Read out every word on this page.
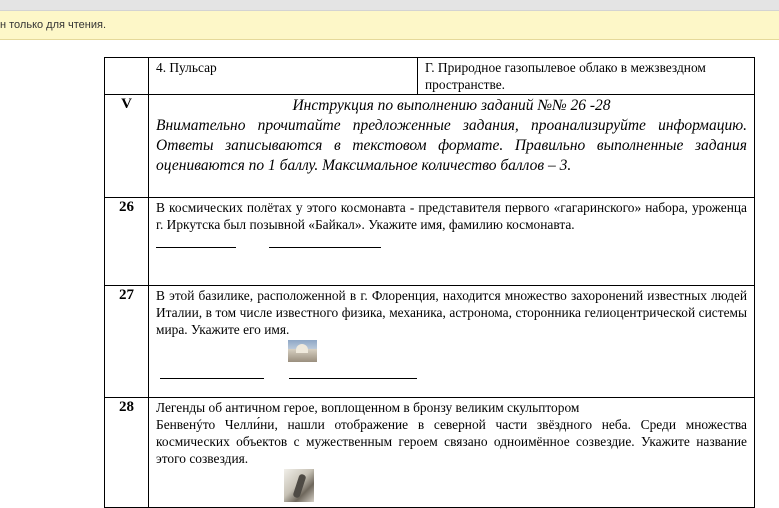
н только для чтения.
	4. Пульсар	Г. Природное газопылевое облако в межзвездном пространстве.
V	Инструкция по выполнению заданий №№ 26 -28
Внимательно прочитайте предложенные задания, проанализируйте информацию. Ответы записываются в текстовом формате. Правильно выполненные задания оцениваются по 1 баллу. Максимальное количество баллов – 3.	

26	В космических полётах у этого космонавта - представителя первого «гагаринского» набора, уроженца г. Иркутска был позывной «Байкал». Укажите имя, фамилию космонавта.	

27	В этой базилике, расположенной в г. Флоренция, находится множество захоронений известных людей Италии, в том числе известного физика, механика, астронома, сторонника гелиоцентрической системы мира. Укажите его имя.	

28	Легенды об античном герое, воплощенном в бронзу великим скульптором
Бенвенýто Челли́ни, нашли отображение в северной части звёздного неба. Среди множества космических объектов с мужественным героем связано одноимённое созвездие. Укажите название этого созвездия.	
